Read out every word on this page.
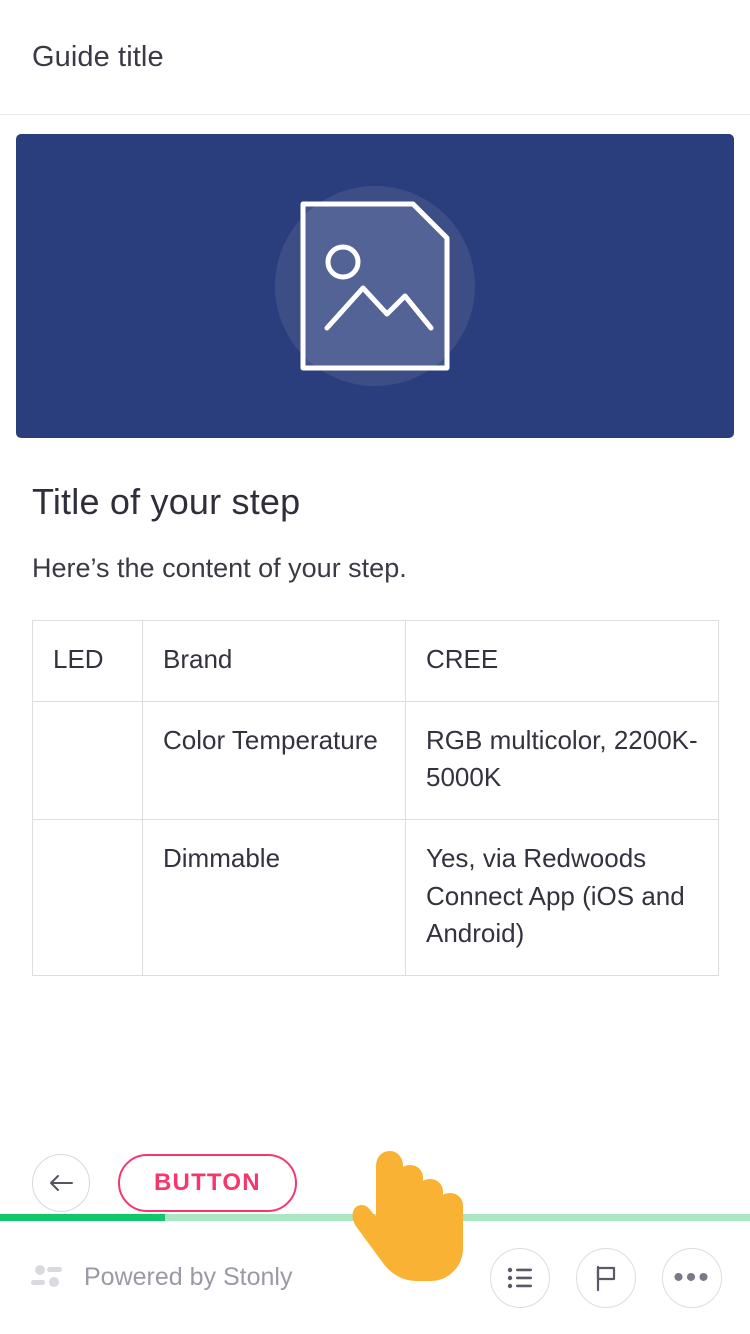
Guide title
Title of your step
Here’s the content of your step.
LED	Brand	CREE
	Color Temperature	RGB multicolor, 2200K-5000K
	Dimmable	Yes, via Redwoods Connect App (iOS and Android)
BUTTON
Powered by Stonly	•••
